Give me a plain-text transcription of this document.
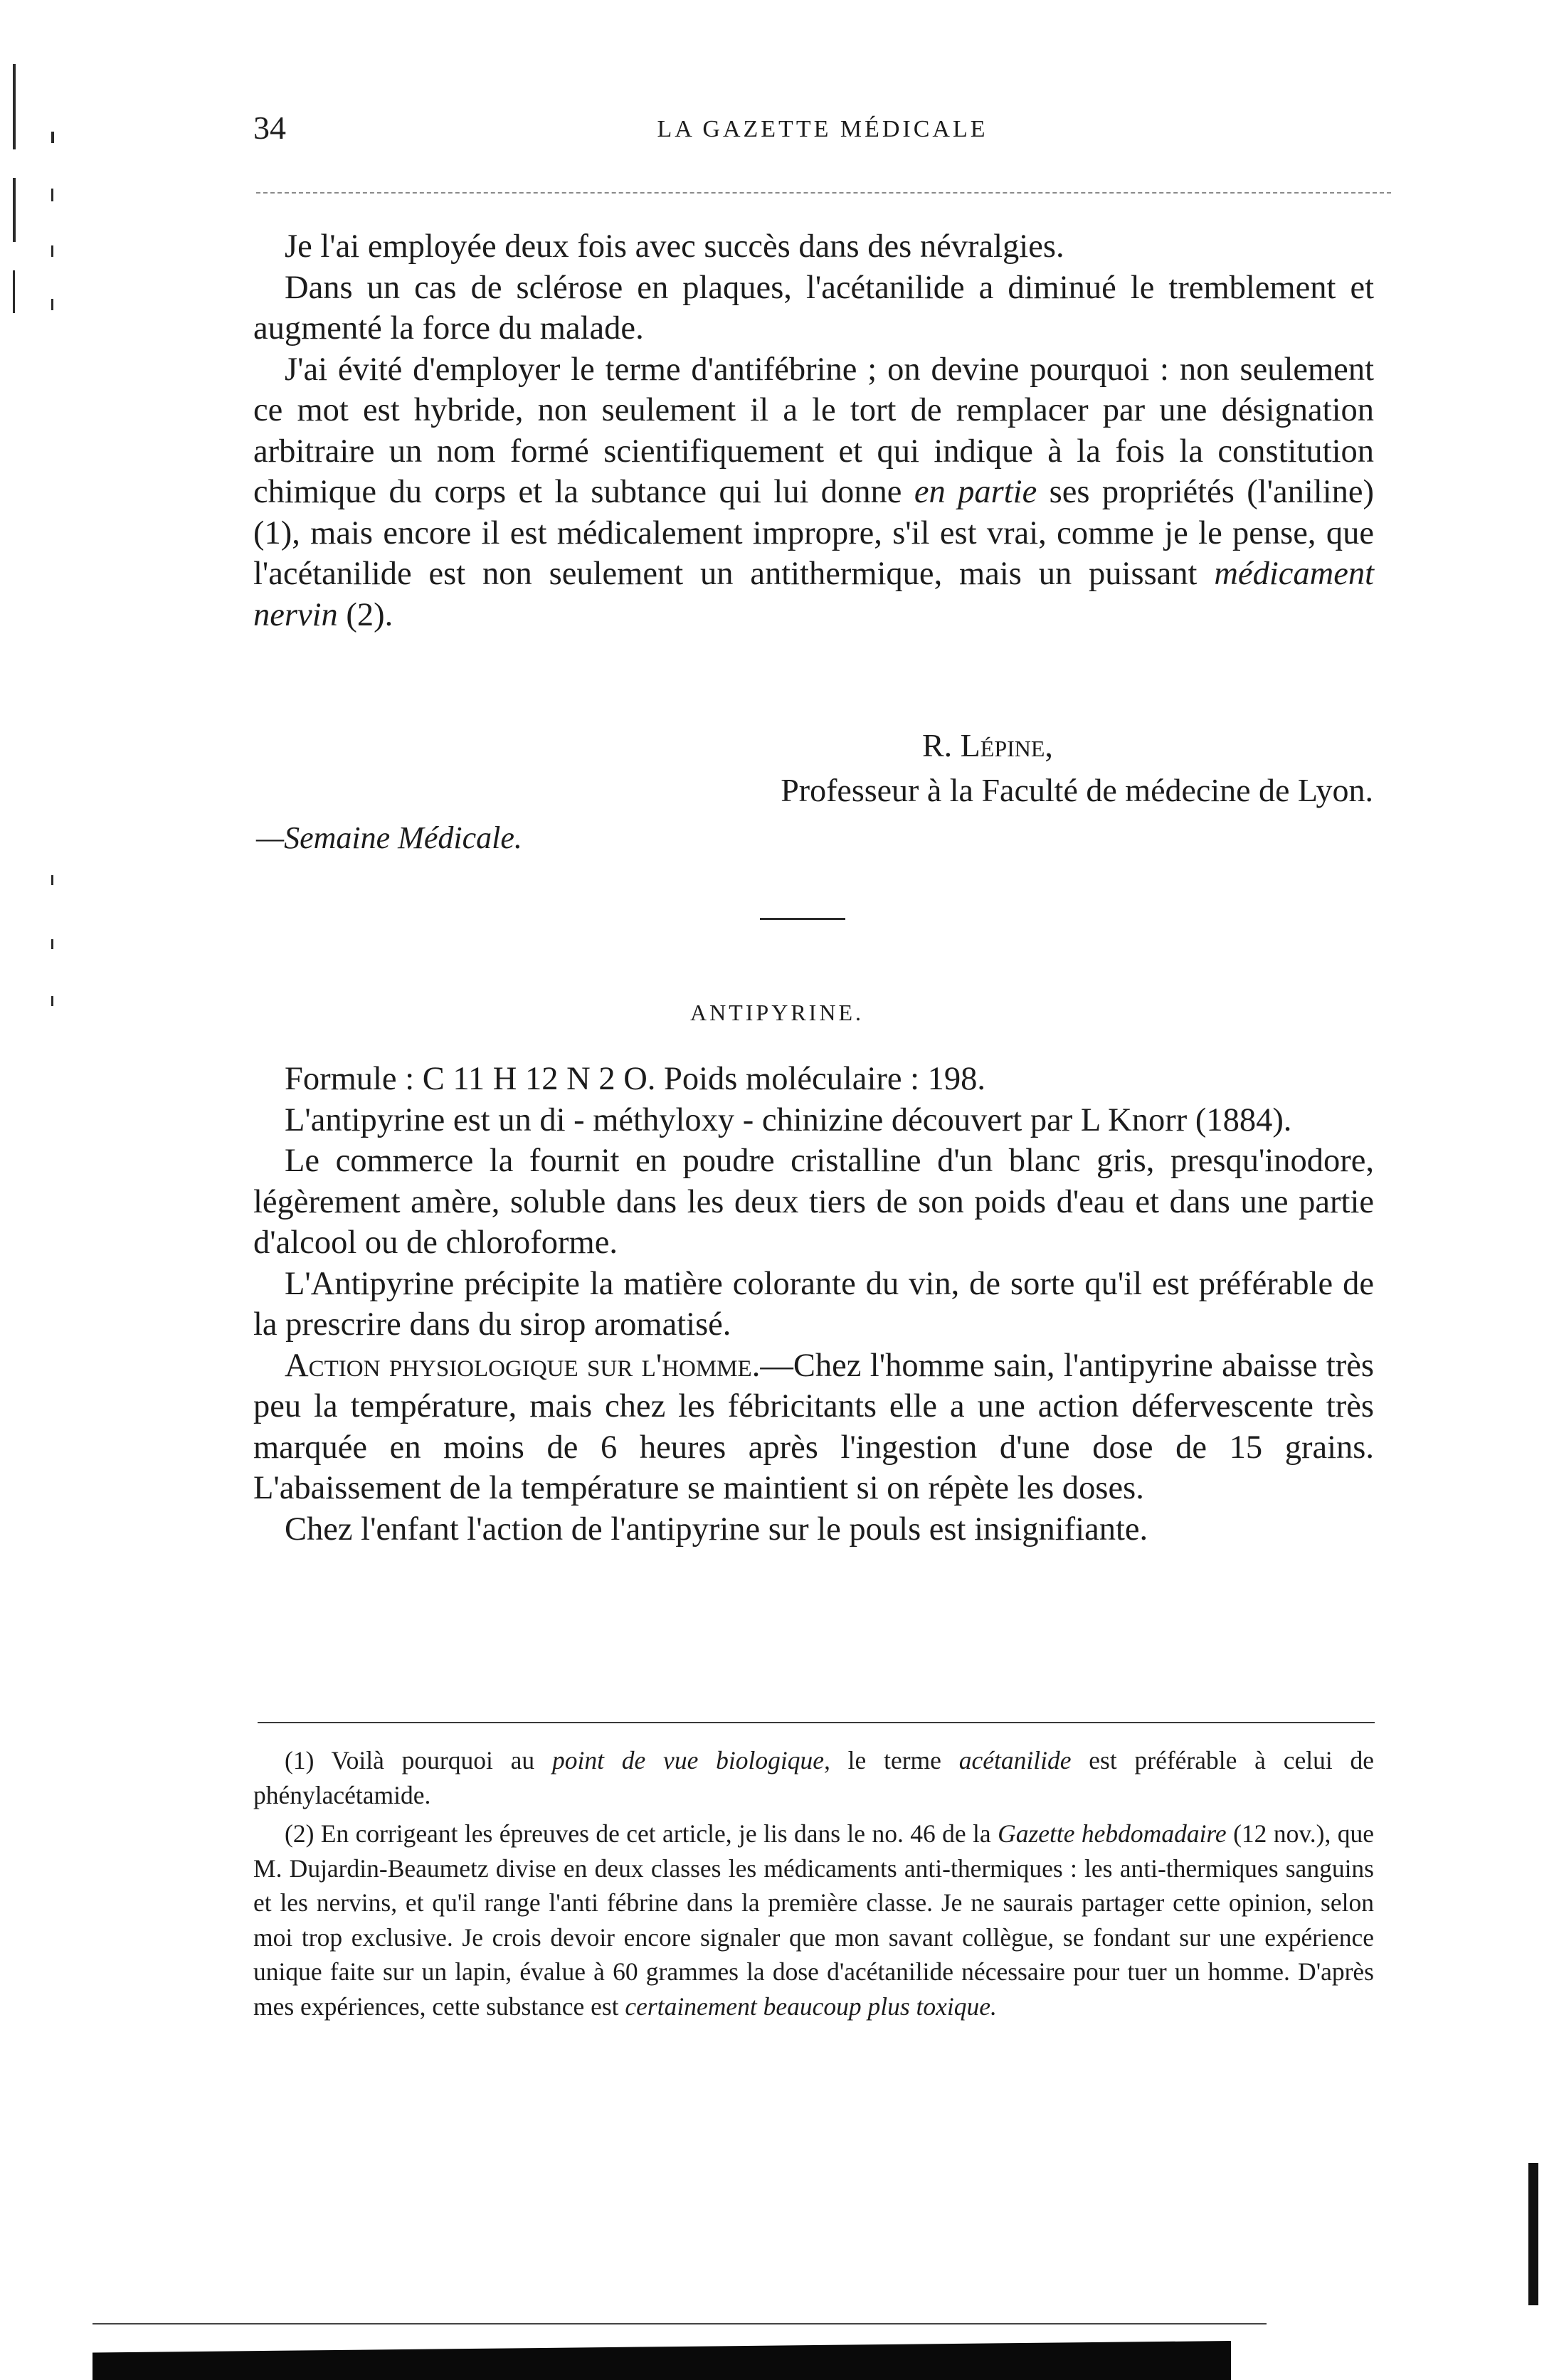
34	LA GAZETTE MÉDICALE

Je l'ai employée deux fois avec succès dans des névralgies.

Dans un cas de sclérose en plaques, l'acétanilide a diminué le tremblement et augmenté la force du malade.

J'ai évité d'employer le terme d'antifébrine ; on devine pourquoi : non seulement ce mot est hybride, non seulement il a le tort de remplacer par une désignation arbitraire un nom formé scientifiquement et qui indique à la fois la constitution chimique du corps et la subtance qui lui donne en partie ses propriétés (l'aniline) (1), mais encore il est médicalement impropre, s'il est vrai, comme je le pense, que l'acétanilide est non seulement un antithermique, mais un puissant médicament nervin (2).

R. Lépine,
Professeur à la Faculté de médecine de Lyon.
—Semaine Médicale.
ANTIPYRINE.

Formule : C 11 H 12 N 2 O. Poids moléculaire : 198.

L'antipyrine est un di - méthyloxy - chinizine découvert par L Knorr (1884).

Le commerce la fournit en poudre cristalline d'un blanc gris, presqu'inodore, légèrement amère, soluble dans les deux tiers de son poids d'eau et dans une partie d'alcool ou de chloroforme.

L'Antipyrine précipite la matière colorante du vin, de sorte qu'il est préférable de la prescrire dans du sirop aromatisé.

Action physiologique sur l'homme.—Chez l'homme sain, l'antipyrine abaisse très peu la température, mais chez les fébricitants elle a une action défervescente très marquée en moins de 6 heures après l'ingestion d'une dose de 15 grains. L'abaissement de la température se maintient si on répète les doses.

Chez l'enfant l'action de l'antipyrine sur le pouls est insignifiante.

(1) Voilà pourquoi au point de vue biologique, le terme acétanilide est préférable à celui de phénylacétamide.

(2) En corrigeant les épreuves de cet article, je lis dans le no. 46 de la Gazette hebdomadaire (12 nov.), que M. Dujardin-Beaumetz divise en deux classes les médicaments anti-thermiques : les anti-thermiques sanguins et les nervins, et qu'il range l'anti fébrine dans la première classe. Je ne saurais partager cette opinion, selon moi trop exclusive. Je crois devoir encore signaler que mon savant collègue, se fondant sur une expérience unique faite sur un lapin, évalue à 60 grammes la dose d'acétanilide nécessaire pour tuer un homme. D'après mes expériences, cette substance est certainement beaucoup plus toxique.
